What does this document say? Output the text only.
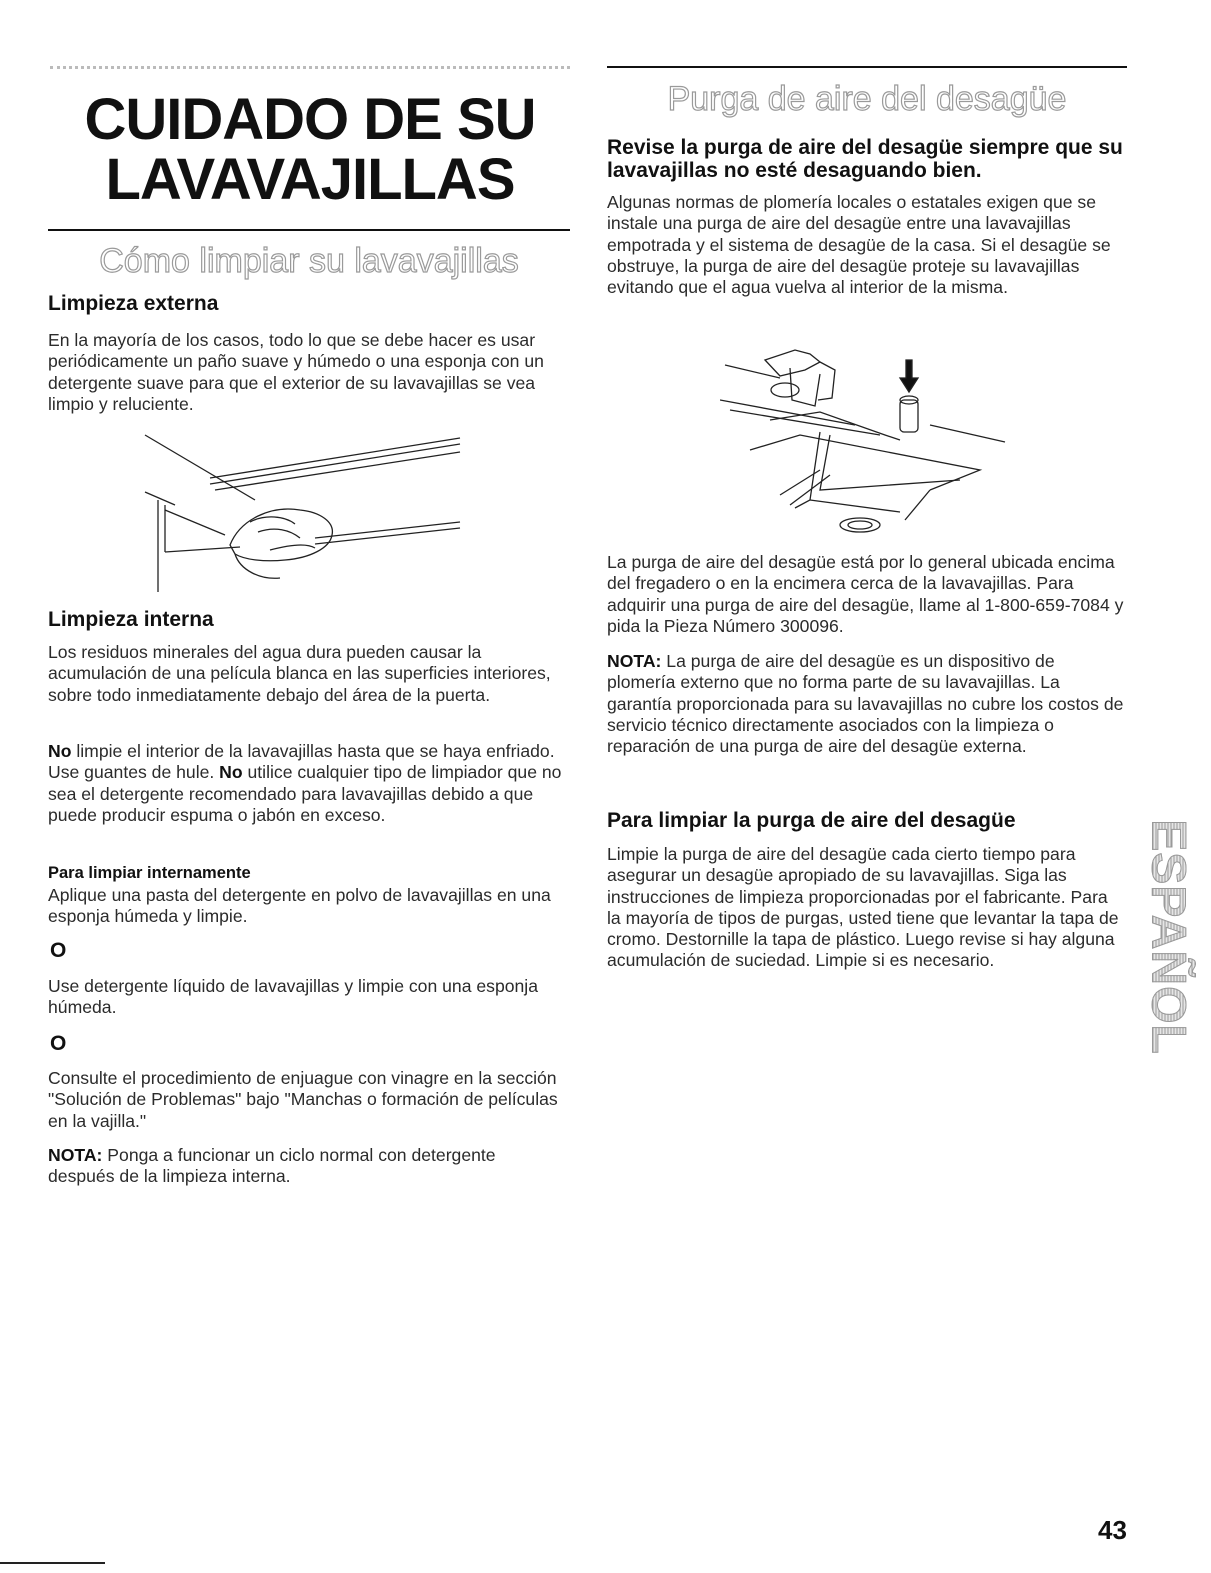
CUIDADO DE SU
LAVAVAJILLAS
Cómo limpiar su lavavajillas
Limpieza externa

En la mayoría de los casos, todo lo que se debe hacer es usar periódicamente un paño suave y húmedo o una esponja con un detergente suave para que el exterior de su lavavajillas se vea limpio y reluciente.

Limpieza interna

Los residuos minerales del agua dura pueden causar la acumulación de una película blanca en las superficies interiores, sobre todo inmediatamente debajo del área de la puerta.

No limpie el interior de la lavavajillas hasta que se haya enfriado. Use guantes de hule. No utilice cualquier tipo de limpiador que no sea el detergente recomendado para lavavajillas debido a que puede producir espuma o jabón en exceso.

Para limpiar internamente

Aplique una pasta del detergente en polvo de lavavajillas en una esponja húmeda y limpie.

O

Use detergente líquido de lavavajillas y limpie con una esponja húmeda.

O

Consulte el procedimiento de enjuague con vinagre en la sección "Solución de Problemas" bajo "Manchas o formación de películas en la vajilla."

NOTA: Ponga a funcionar un ciclo normal con detergente después de la limpieza interna.

Purga de aire del desagüe
Revise la purga de aire del desagüe siempre que su lavavajillas no esté desaguando bien.

Algunas normas de plomería locales o estatales exigen que se instale una purga de aire del desagüe entre una lavavajillas empotrada y el sistema de desagüe de la casa. Si el desagüe se obstruye, la purga de aire del desagüe proteje su lavavajillas evitando que el agua vuelva al interior de la misma.

La purga de aire del desagüe está por lo general ubicada encima del fregadero o en la encimera cerca de la lavavajillas. Para adquirir una purga de aire del desagüe, llame al 1-800-659-7084 y pida la Pieza Número 300096.

NOTA: La purga de aire del desagüe es un dispositivo de plomería externo que no forma parte de su lavavajillas. La garantía proporcionada para su lavavajillas no cubre los costos de servicio técnico directamente asociados con la limpieza o reparación de una purga de aire del desagüe externa.

Para limpiar la purga de aire del desagüe

Limpie la purga de aire del desagüe cada cierto tiempo para asegurar un desagüe apropiado de su lavavajillas. Siga las instrucciones de limpieza proporcionadas por el fabricante. Para la mayoría de tipos de purgas, usted tiene que levantar la tapa de cromo. Destornille la tapa de plástico. Luego revise si hay alguna acumulación de suciedad. Limpie si es necesario.	ESPAÑOL
43
